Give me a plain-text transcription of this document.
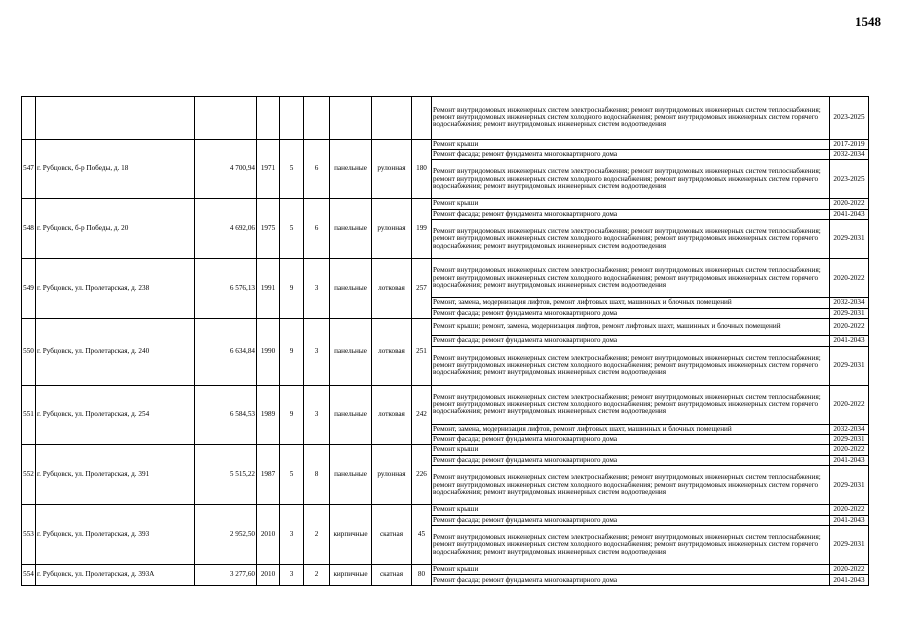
1548
									Ремонт внутридомовых инженерных систем электроснабжения; ремонт внутридомовых инженерных систем теплоснабжения; ремонт внутридомовых инженерных систем холодного водоснабжения; ремонт внутридомовых инженерных систем горячего водоснабжения; ремонт внутридомовых инженерных систем водоотведения	2023-2025
547	г. Рубцовск, б-р Победы, д. 18	4 700,94	1971	5	6	панельные	рулонная	180	Ремонт крыши	2017-2019
									Ремонт фасада; ремонт фундамента многоквартирного дома	2032-2034
									Ремонт внутридомовых инженерных систем электроснабжения; ремонт внутридомовых инженерных систем теплоснабжения; ремонт внутридомовых инженерных систем холодного водоснабжения; ремонт внутридомовых инженерных систем горячего водоснабжения; ремонт внутридомовых инженерных систем водоотведения	2023-2025
548	г. Рубцовск, б-р Победы, д. 20	4 692,06	1975	5	6	панельные	рулонная	199	Ремонт крыши	2020-2022
									Ремонт фасада; ремонт фундамента многоквартирного дома	2041-2043
									Ремонт внутридомовых инженерных систем электроснабжения; ремонт внутридомовых инженерных систем теплоснабжения; ремонт внутридомовых инженерных систем холодного водоснабжения; ремонт внутридомовых инженерных систем горячего водоснабжения; ремонт внутридомовых инженерных систем водоотведения	2029-2031
549	г. Рубцовск, ул. Пролетарская, д. 238	6 576,13	1991	9	3	панельные	лотковая	257	Ремонт внутридомовых инженерных систем электроснабжения; ремонт внутридомовых инженерных систем теплоснабжения; ремонт внутридомовых инженерных систем холодного водоснабжения; ремонт внутридомовых инженерных систем горячего водоснабжения; ремонт внутридомовых инженерных систем водоотведения	2020-2022
									Ремонт, замена, модернизация лифтов, ремонт лифтовых шахт, машинных и блочных помещений	2032-2034
									Ремонт фасада; ремонт фундамента многоквартирного дома	2029-2031
550	г. Рубцовск, ул. Пролетарская, д. 240	6 634,84	1990	9	3	панельные	лотковая	251	Ремонт крыши; ремонт, замена, модернизация лифтов, ремонт лифтовых шахт, машинных и блочных помещений	2020-2022
									Ремонт фасада; ремонт фундамента многоквартирного дома	2041-2043
									Ремонт внутридомовых инженерных систем электроснабжения; ремонт внутридомовых инженерных систем теплоснабжения; ремонт внутридомовых инженерных систем холодного водоснабжения; ремонт внутридомовых инженерных систем горячего водоснабжения; ремонт внутридомовых инженерных систем водоотведения	2029-2031
551	г. Рубцовск, ул. Пролетарская, д. 254	6 584,53	1989	9	3	панельные	лотковая	242	Ремонт внутридомовых инженерных систем электроснабжения; ремонт внутридомовых инженерных систем теплоснабжения; ремонт внутридомовых инженерных систем холодного водоснабжения; ремонт внутридомовых инженерных систем горячего водоснабжения; ремонт внутридомовых инженерных систем водоотведения	2020-2022
									Ремонт, замена, модернизация лифтов, ремонт лифтовых шахт, машинных и блочных помещений	2032-2034
									Ремонт фасада; ремонт фундамента многоквартирного дома	2029-2031
552	г. Рубцовск, ул. Пролетарская, д. 391	5 515,22	1987	5	8	панельные	рулонная	226	Ремонт крыши	2020-2022
									Ремонт фасада; ремонт фундамента многоквартирного дома	2041-2043
									Ремонт внутридомовых инженерных систем электроснабжения; ремонт внутридомовых инженерных систем теплоснабжения; ремонт внутридомовых инженерных систем холодного водоснабжения; ремонт внутридомовых инженерных систем горячего водоснабжения; ремонт внутридомовых инженерных систем водоотведения	2029-2031
553	г. Рубцовск, ул. Пролетарская, д. 393	2 952,50	2010	3	2	кирпичные	скатная	45	Ремонт крыши	2020-2022
									Ремонт фасада; ремонт фундамента многоквартирного дома	2041-2043
									Ремонт внутридомовых инженерных систем электроснабжения; ремонт внутридомовых инженерных систем теплоснабжения; ремонт внутридомовых инженерных систем холодного водоснабжения; ремонт внутридомовых инженерных систем горячего водоснабжения; ремонт внутридомовых инженерных систем водоотведения	2029-2031
554	г. Рубцовск, ул. Пролетарская, д. 393А	3 277,60	2010	3	2	кирпичные	скатная	80	Ремонт крыши	2020-2022
									Ремонт фасада; ремонт фундамента многоквартирного дома	2041-2043
